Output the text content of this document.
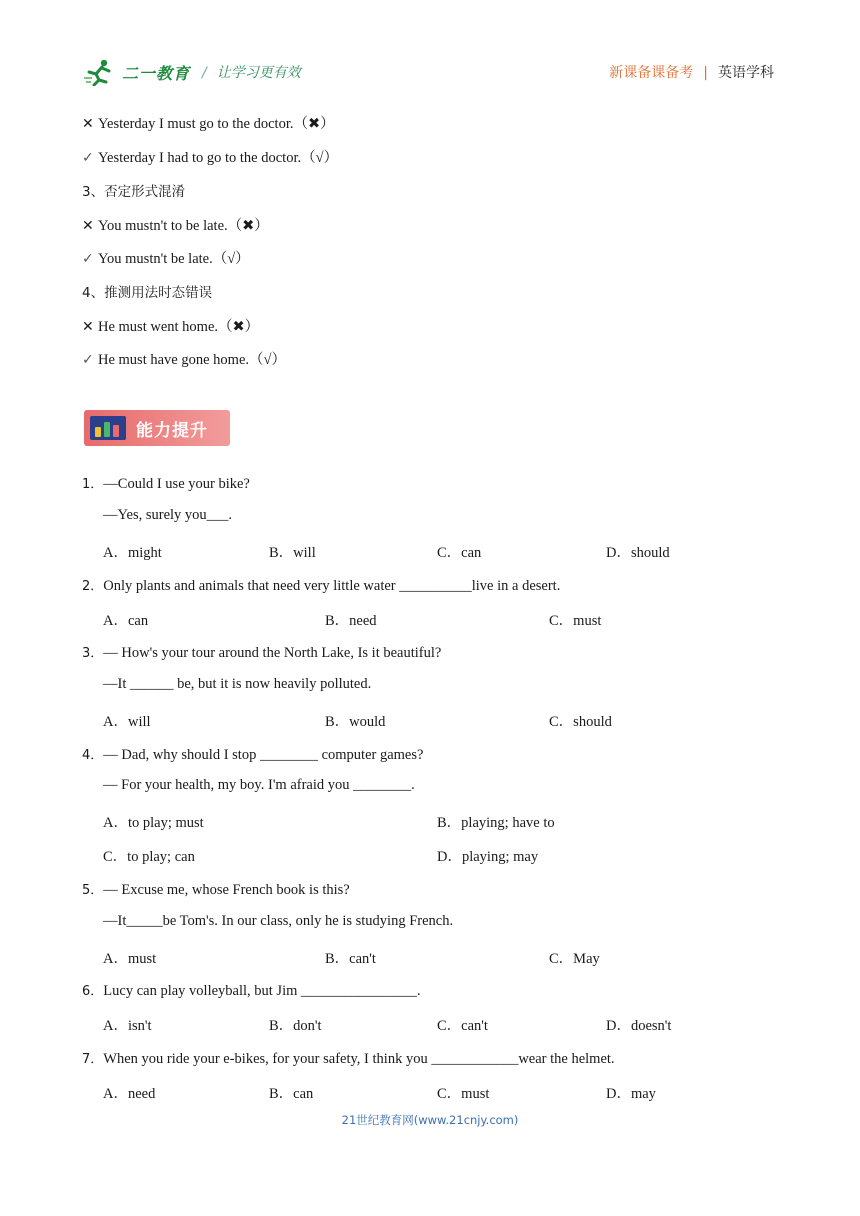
二一教育 / 让学习更有效	新课备课备考 | 英语学科
✕ Yesterday I must go to the doctor.（✖）
✓ Yesterday I had to go to the doctor.（√）
3、否定形式混淆
✕ You mustn't to be late.（✖）
✓ You mustn't be late.（√）
4、推测用法时态错误
✕ He must went home.（✖）
✓ He must have gone home.（√）
能力提升
1．—Could I use your bike?
—Yes, surely you___.
A．might	B．will	C．can	D．should
2．Only plants and animals that need very little water __________live in a desert.
A．can	B．need	C．must
3．— How's your tour around the North Lake, Is it beautiful?
—It ______ be, but it is now heavily polluted.
A．will	B．would	C．should
4．— Dad, why should I stop ________ computer games?
— For your health, my boy. I'm afraid you ________.
A．to play; must	B．playing; have to
C．to play; can	D．playing; may
5．— Excuse me, whose French book is this?
—It_____be Tom's. In our class, only he is studying French.
A．must	B．can't	C．May
6．Lucy can play volleyball, but Jim ________________.
A．isn't	B．don't	C．can't	D．doesn't
7．When you ride your e-bikes, for your safety, I think you ____________wear the helmet.
A．need	B．can	C．must	D．may
21世纪教育网(www.21cnjy.com)
